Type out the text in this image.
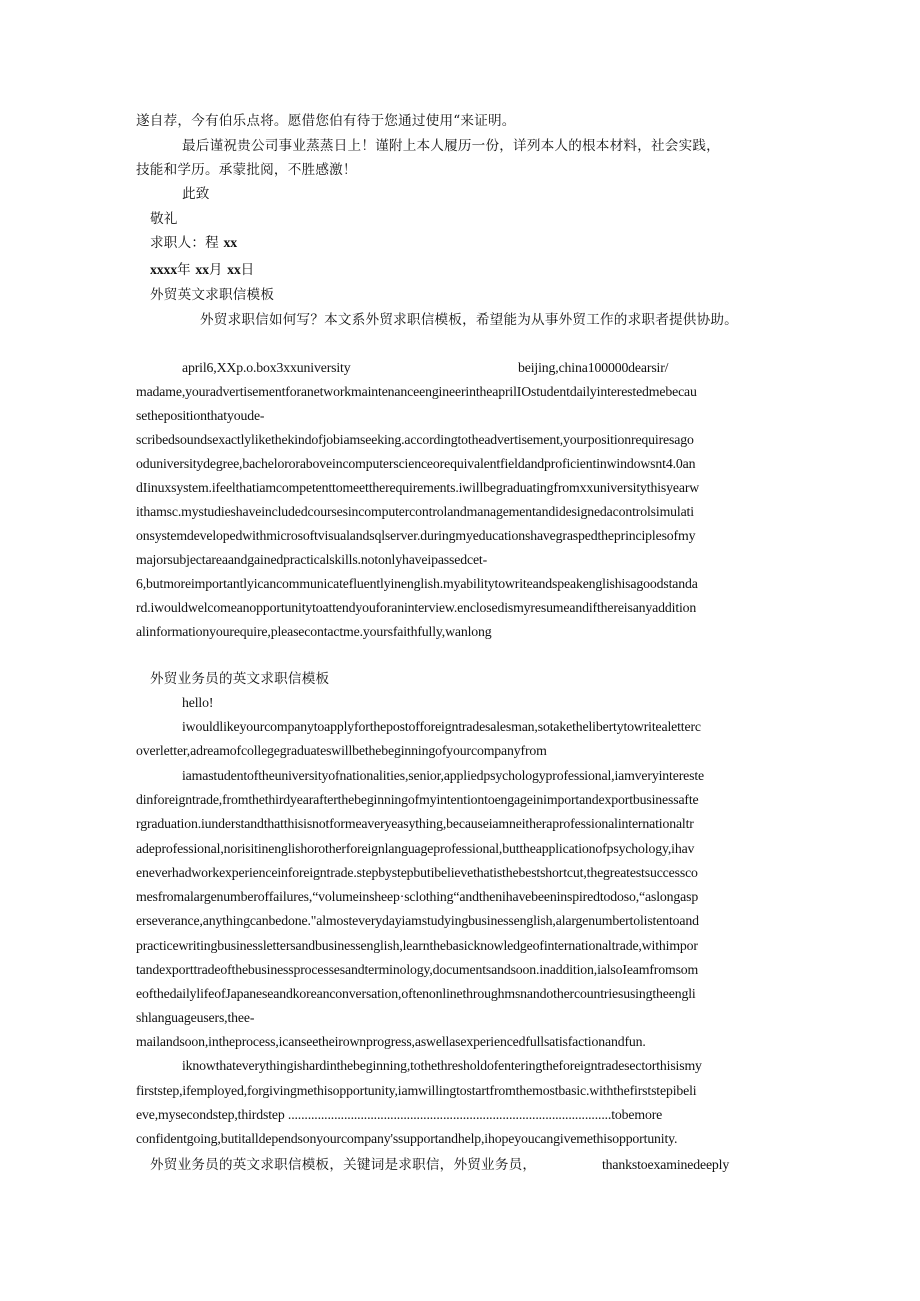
遂自荐，今有伯乐点将。愿借您伯有待于您通过使用“来证明。
最后谨祝贵公司事业蒸蒸日上！谨附上本人履历一份，详列本人的根本材料，社会实践，
技能和学历。承蒙批阅，不胜感激！
此致
敬礼
求职人：程 xx
xxxx年 xx月 xx日
外贸英文求职信模板
外贸求职信如何写？本文系外贸求职信模板，希望能为从事外贸工作的求职者提供协助。
april6,XXp.o.box3xxuniversity	beijing,china100000dearsir/
madame,youradvertisementforanetworkmaintenanceengineerintheaprilIOstudentdailyinterestedmebecau
sethepositionthatyoude-
scribedsoundsexactlylikethekindofjobiamseeking.accordingtotheadvertisement,yourpositionrequiresago
oduniversitydegree,bachelororaboveincomputerscienceorequivalentfieldandproficientinwindowsnt4.0an
dIinuxsystem.ifeelthatiamcompetenttomeettherequirements.iwillbegraduatingfromxxuniversitythisyearw
ithamsc.mystudieshaveincludedcoursesincomputercontrolandmanagementandidesignedacontrolsimulati
onsystemdevelopedwithmicrosoftvisualandsqlserver.duringmyeducationshavegraspedtheprinciplesofmy
majorsubjectareaandgainedpracticalskills.notonlyhaveipassedcet-
6,butmoreimportantlyicancommunicatefluentlyinenglish.myabilitytowriteandspeakenglishisagoodstanda
rd.iwouldwelcomeanopportunitytoattendyouforaninterview.enclosedismyresumeandifthereisanyaddition
alinformationyourequire,pleasecontactme.yoursfaithfully,wanlong
外贸业务员的英文求职信模板
hello!
iwouldlikeyourcompanytoapplyforthepostofforeigntradesalesman,sotakethelibertytowritealetterc
overletter,adreamofcollegegraduateswillbethebeginningofyourcompanyfrom
iamastudentoftheuniversityofnationalities,senior,appliedpsychologyprofessional,iamveryintereste
dinforeigntrade,fromthethirdyearafterthebeginningofmyintentiontoengageinimportandexportbusinessafte
rgraduation.iunderstandthatthisisnotformeaveryeasything,becauseiamneitheraprofessionalinternationaltr
adeprofessional,norisitinenglishorotherforeignlanguageprofessional,buttheapplicationofpsychology,ihav
eneverhadworkexperienceinforeigntrade.stepbystepbutibelievethatisthebestshortcut,thegreatestsuccessco
mesfromalargenumberoffailures,“volumeinsheep·sclothing“andthenihavebeeninspiredtodoso,“aslongasp
erseverance,anythingcanbedone."almosteverydayiamstudyingbusinessenglish,alargenumbertolistentoand
practicewritingbusinesslettersandbusinessenglish,learnthebasicknowledgeofinternationaltrade,withimpor
tandexporttradeofthebusinessprocessesandterminology,documentsandsoon.inaddition,ialsoIeamfromsom
eofthedailylifeofJapaneseandkoreanconversation,oftenonlinethroughmsnandothercountriesusingtheengli
shlanguageusers,thee-
mailandsoon,intheprocess,icanseetheirownprogress,aswellasexperiencedfullsatisfactionandfun.
iknowthateverythingishardinthebeginning,tothethresholdofenteringtheforeigntradesectorthisismy
firststep,ifemployed,forgivingmethisopportunity,iamwillingtostartfromthemostbasic.withthefirststepibeli
eve,mysecondstep,thirdstep ..................................................................................................tobemore
confidentgoing,butitalldependsonyourcompany'ssupportandhelp,ihopeyoucangivemethisopportunity.
外贸业务员的英文求职信模板，关键词是求职信，外贸业务员，	thankstoexaminedeeply
